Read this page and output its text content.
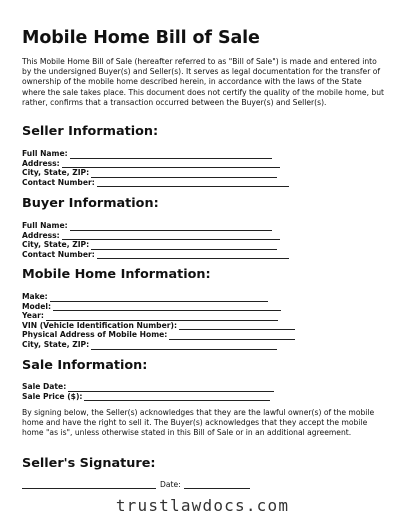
Mobile Home Bill of Sale
This Mobile Home Bill of Sale (hereafter referred to as "Bill of Sale") is made and entered into by the undersigned Buyer(s) and Seller(s). It serves as legal documentation for the transfer of ownership of the mobile home described herein, in accordance with the laws of the State where the sale takes place. This document does not certify the quality of the mobile home, but rather, confirms that a transaction occurred between the Buyer(s) and Seller(s).
Seller Information:
Full Name:
Address:
City, State, ZIP:
Contact Number:
Buyer Information:
Full Name:
Address:
City, State, ZIP:
Contact Number:
Mobile Home Information:
Make:
Model:
Year:
VIN (Vehicle Identification Number):
Physical Address of Mobile Home:
City, State, ZIP:
Sale Information:
Sale Date:
Sale Price ($):
By signing below, the Seller(s) acknowledges that they are the lawful owner(s) of the mobile home and have the right to sell it. The Buyer(s) acknowledges that they accept the mobile home "as is", unless otherwise stated in this Bill of Sale or in an additional agreement.
Seller's Signature:
Date:
trustlawdocs.com
